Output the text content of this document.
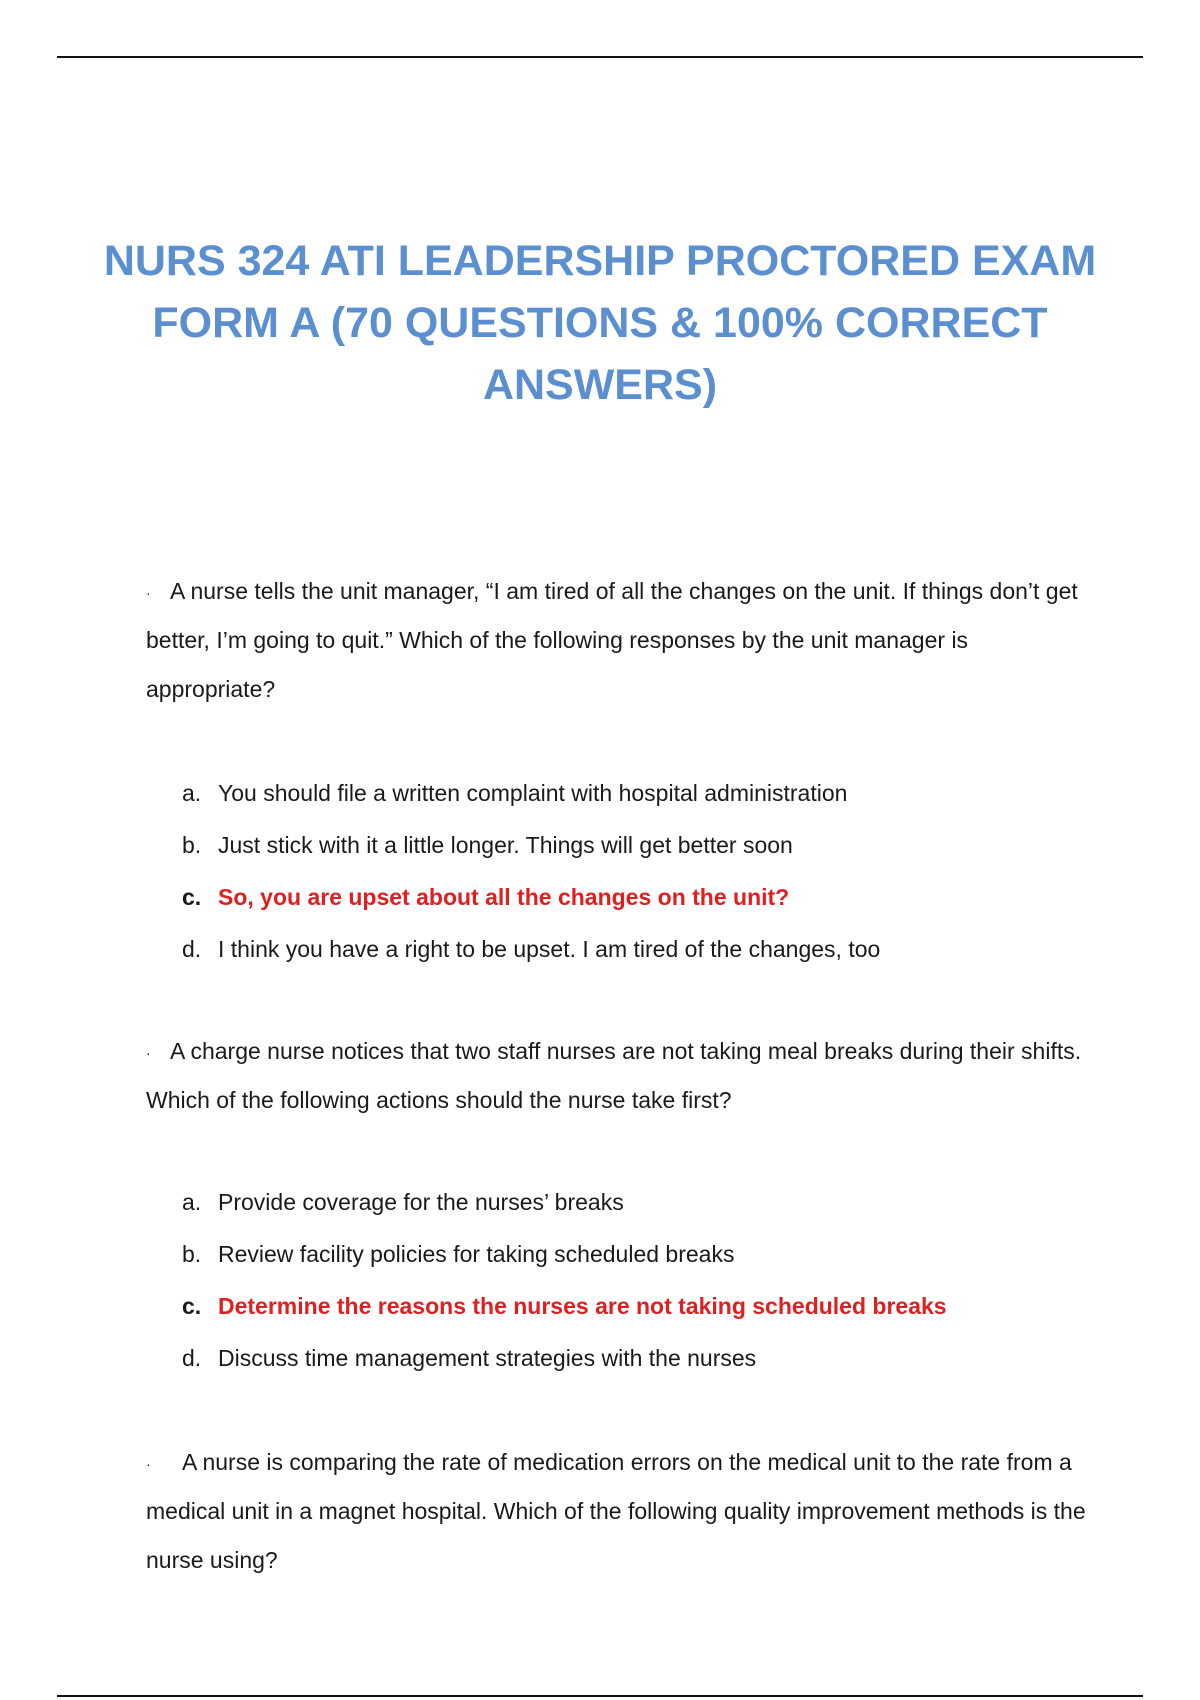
NURS 324 ATI LEADERSHIP PROCTORED EXAM FORM A (70 QUESTIONS & 100% CORRECT ANSWERS)

· A nurse tells the unit manager, “I am tired of all the changes on the unit. If things don’t get better, I’m going to quit.” Which of the following responses by the unit manager is appropriate?

a. You should file a written complaint with hospital administration
b. Just stick with it a little longer. Things will get better soon
c. So, you are upset about all the changes on the unit?
d. I think you have a right to be upset. I am tired of the changes, too

· A charge nurse notices that two staff nurses are not taking meal breaks during their shifts. Which of the following actions should the nurse take first?

a. Provide coverage for the nurses’ breaks
b. Review facility policies for taking scheduled breaks
c. Determine the reasons the nurses are not taking scheduled breaks
d. Discuss time management strategies with the nurses

· A nurse is comparing the rate of medication errors on the medical unit to the rate from a medical unit in a magnet hospital. Which of the following quality improvement methods is the nurse using?
